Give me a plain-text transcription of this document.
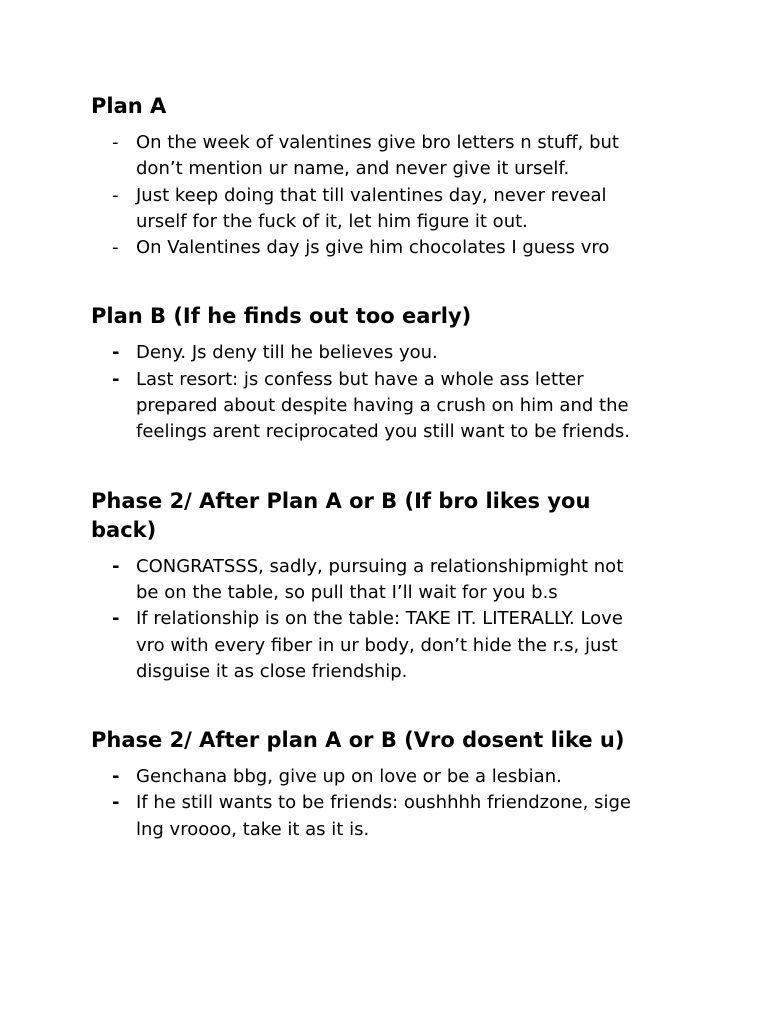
Plan A
- On the week of valentines give bro letters n stuff, but don’t mention ur name, and never give it urself.
- Just keep doing that till valentines day, never reveal urself for the fuck of it, let him figure it out.
- On Valentines day js give him chocolates I guess vro
Plan B (If he finds out too early)
- Deny. Js deny till he believes you.
- Last resort: js confess but have a whole ass letter prepared about despite having a crush on him and the feelings arent reciprocated you still want to be friends.
Phase 2/ After Plan A or B (If bro likes you back)
- CONGRATSSS, sadly, pursuing a relationshipmight not be on the table, so pull that I’ll wait for you b.s
- If relationship is on the table: TAKE IT. LITERALLY. Love vro with every fiber in ur body, don’t hide the r.s, just disguise it as close friendship.
Phase 2/ After plan A or B (Vro dosent like u)
- Genchana bbg, give up on love or be a lesbian.
- If he still wants to be friends: oushhhh friendzone, sige lng vroooo, take it as it is.
